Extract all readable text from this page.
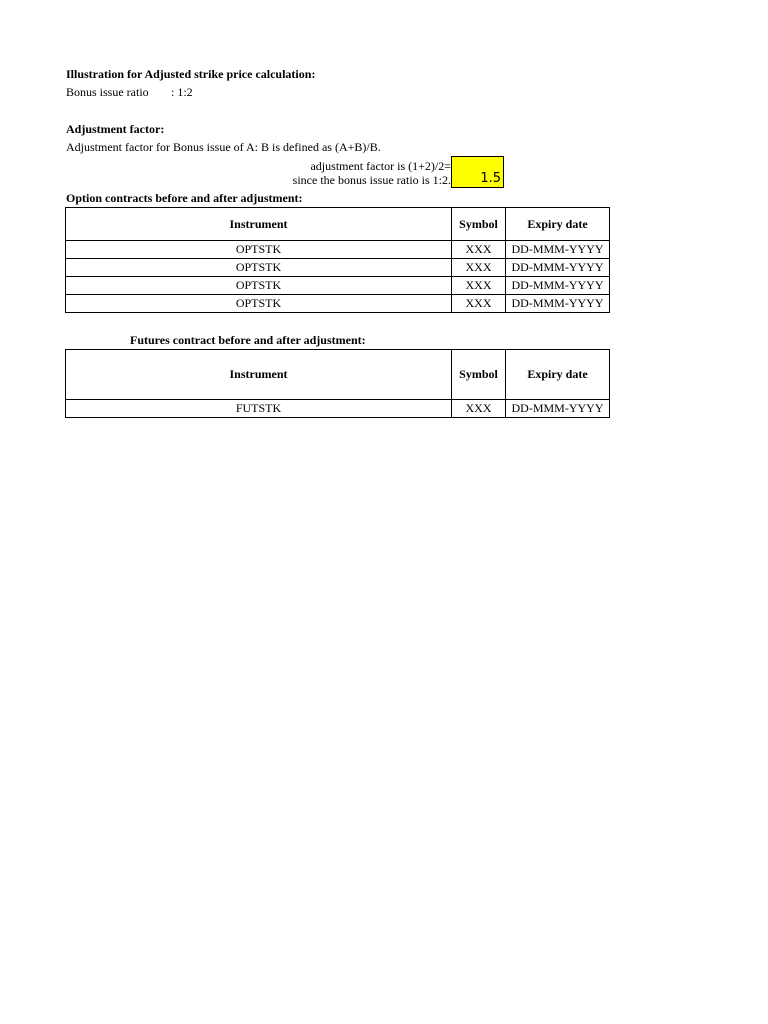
Illustration for Adjusted strike price calculation:
Bonus issue ratio : 1:2
Adjustment factor:
Adjustment factor for Bonus issue of A: B is defined as (A+B)/B.
adjustment factor is (1+2)/2=
since the bonus issue ratio is 1:2. 1.5
Option contracts before and after adjustment:
Instrument	Symbol	Expiry date
OPTSTK	XXX	DD-MMM-YYYY
OPTSTK	XXX	DD-MMM-YYYY
OPTSTK	XXX	DD-MMM-YYYY
OPTSTK	XXX	DD-MMM-YYYY
Futures contract before and after adjustment:
Instrument	Symbol	Expiry date
FUTSTK	XXX	DD-MMM-YYYY
